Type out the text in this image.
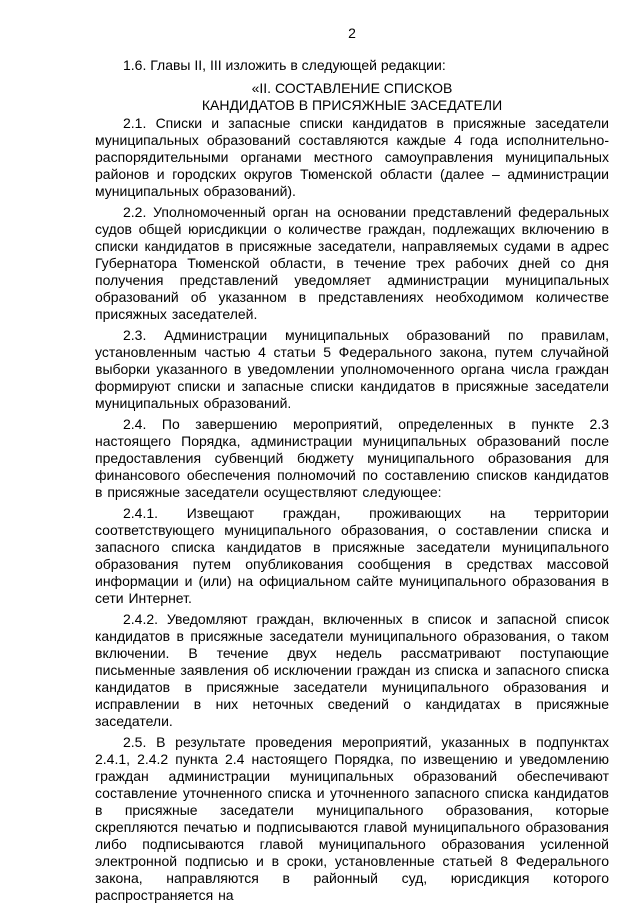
2

1.6. Главы II, III изложить в следующей редакции:

«II. СОСТАВЛЕНИЕ СПИСКОВ
КАНДИДАТОВ В ПРИСЯЖНЫЕ ЗАСЕДАТЕЛИ

2.1. Списки и запасные списки кандидатов в присяжные заседатели муниципальных образований составляются каждые 4 года исполнительно-распорядительными органами местного самоуправления муниципальных районов и городских округов Тюменской области (далее – администрации муниципальных образований).

2.2. Уполномоченный орган на основании представлений федеральных судов общей юрисдикции о количестве граждан, подлежащих включению в списки кандидатов в присяжные заседатели, направляемых судами в адрес Губернатора Тюменской области, в течение трех рабочих дней со дня получения представлений уведомляет администрации муниципальных образований об указанном в представлениях необходимом количестве присяжных заседателей.

2.3. Администрации муниципальных образований по правилам, установленным частью 4 статьи 5 Федерального закона, путем случайной выборки указанного в уведомлении уполномоченного органа числа граждан формируют списки и запасные списки кандидатов в присяжные заседатели муниципальных образований.

2.4. По завершению мероприятий, определенных в пункте 2.3 настоящего Порядка, администрации муниципальных образований после предоставления субвенций бюджету муниципального образования для финансового обеспечения полномочий по составлению списков кандидатов в присяжные заседатели осуществляют следующее:

2.4.1. Извещают граждан, проживающих на территории соответствующего муниципального образования, о составлении списка и запасного списка кандидатов в присяжные заседатели муниципального образования путем опубликования сообщения в средствах массовой информации и (или) на официальном сайте муниципального образования в сети Интернет.

2.4.2. Уведомляют граждан, включенных в список и запасной список кандидатов в присяжные заседатели муниципального образования, о таком включении. В течение двух недель рассматривают поступающие письменные заявления об исключении граждан из списка и запасного списка кандидатов в присяжные заседатели муниципального образования и исправлении в них неточных сведений о кандидатах в присяжные заседатели.

2.5. В результате проведения мероприятий, указанных в подпунктах 2.4.1, 2.4.2 пункта 2.4 настоящего Порядка, по извещению и уведомлению граждан администрации муниципальных образований обеспечивают составление уточненного списка и уточненного запасного списка кандидатов в присяжные заседатели муниципального образования, которые скрепляются печатью и подписываются главой муниципального образования либо подписываются главой муниципального образования усиленной электронной подписью и в сроки, установленные статьей 8 Федерального закона, направляются в районный суд, юрисдикция которого распространяется на
